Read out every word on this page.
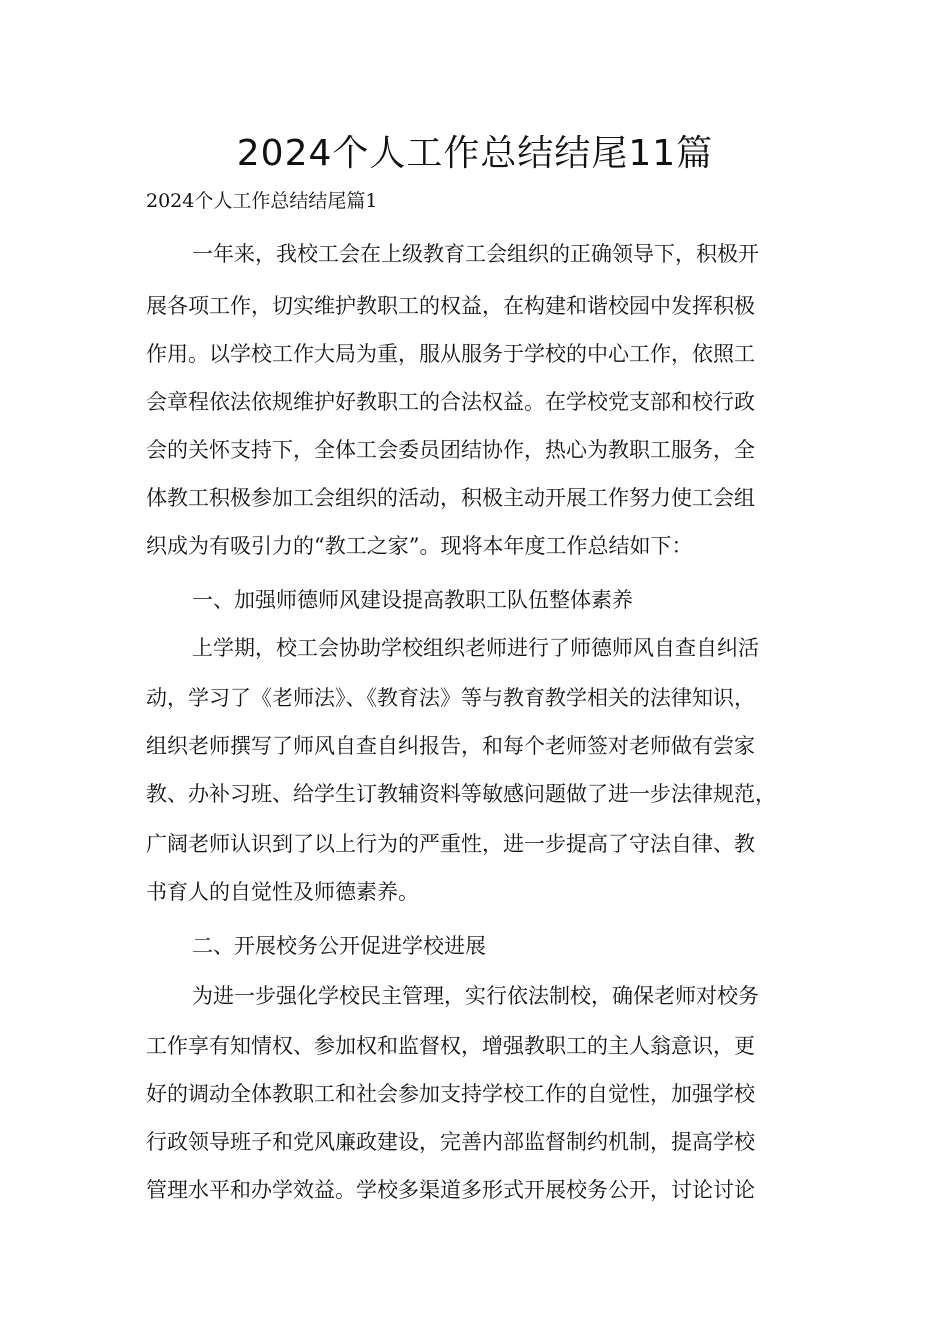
2024个人工作总结结尾11篇
2024个人工作总结结尾篇1
一年来，我校工会在上级教育工会组织的正确领导下，积极开
展各项工作，切实维护教职工的权益，在构建和谐校园中发挥积极
作用。以学校工作大局为重，服从服务于学校的中心工作，依照工
会章程依法依规维护好教职工的合法权益。在学校党支部和校行政
会的关怀支持下，全体工会委员团结协作，热心为教职工服务，全
体教工积极参加工会组织的活动，积极主动开展工作努力使工会组
织成为有吸引力的“教工之家”。现将本年度工作总结如下：
一、加强师德师风建设提高教职工队伍整体素养
上学期，校工会协助学校组织老师进行了师德师风自查自纠活
动，学习了《老师法》、《教育法》等与教育教学相关的法律知识，
组织老师撰写了师风自查自纠报告，和每个老师签对老师做有尝家
教、办补习班、给学生订教辅资料等敏感问题做了进一步法律规范，
广阔老师认识到了以上行为的严重性，进一步提高了守法自律、教
书育人的自觉性及师德素养。
二、开展校务公开促进学校进展
为进一步强化学校民主管理，实行依法制校，确保老师对校务
工作享有知情权、参加权和监督权，增强教职工的主人翁意识，更
好的调动全体教职工和社会参加支持学校工作的自觉性，加强学校
行政领导班子和党风廉政建设，完善内部监督制约机制，提高学校
管理水平和办学效益。学校多渠道多形式开展校务公开，讨论讨论
